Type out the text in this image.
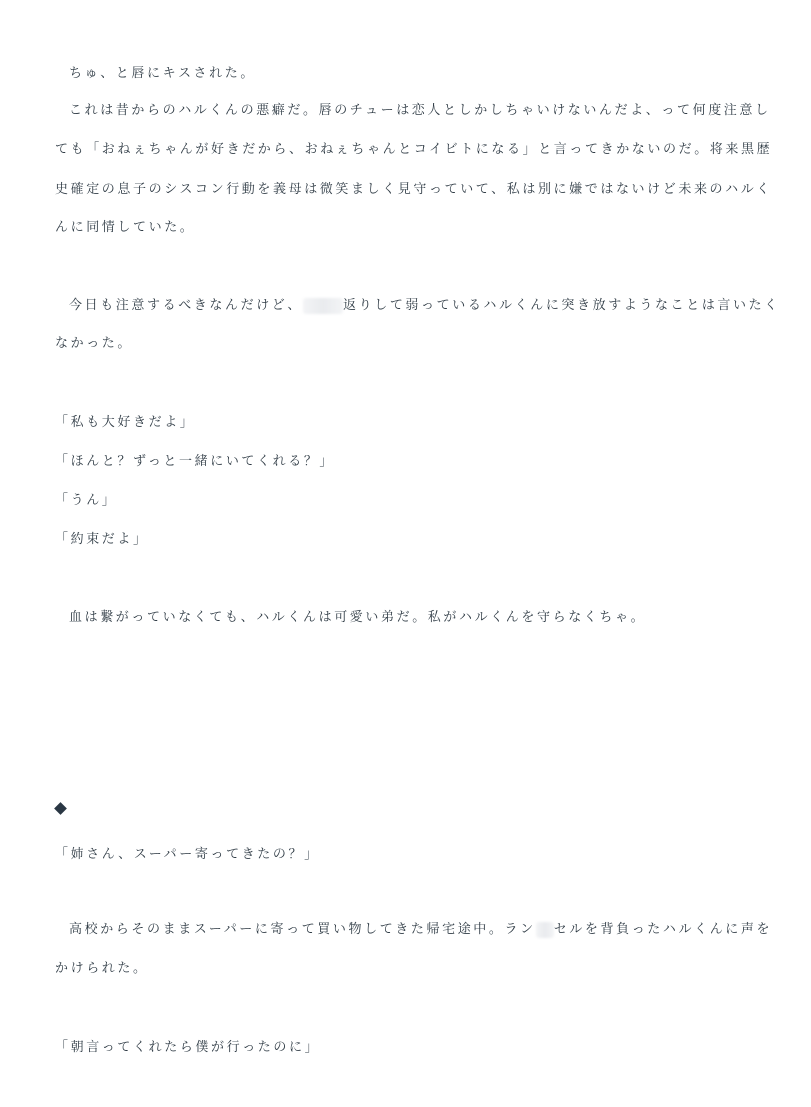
ちゅ、と唇にキスされた。
これは昔からのハルくんの悪癖だ。唇のチューは恋人としかしちゃいけないんだよ、って何度注意し
ても「おねぇちゃんが好きだから、おねぇちゃんとコイビトになる」と言ってきかないのだ。将来黒歴
史確定の息子のシスコン行動を義母は微笑ましく見守っていて、私は別に嫌ではないけど未来のハルく
んに同情していた。
今日も注意するべきなんだけど、	返りして弱っているハルくんに突き放すようなことは言いたく
なかった。
「私も大好きだよ」
「ほんと？ずっと一緒にいてくれる？」
「うん」
「約束だよ」
血は繋がっていなくても、ハルくんは可愛い弟だ。私がハルくんを守らなくちゃ。
「姉さん、スーパー寄ってきたの？」
高校からそのままスーパーに寄って買い物してきた帰宅途中。ラン セルを背負ったハルくんに声を
かけられた。
「朝言ってくれたら僕が行ったのに」
